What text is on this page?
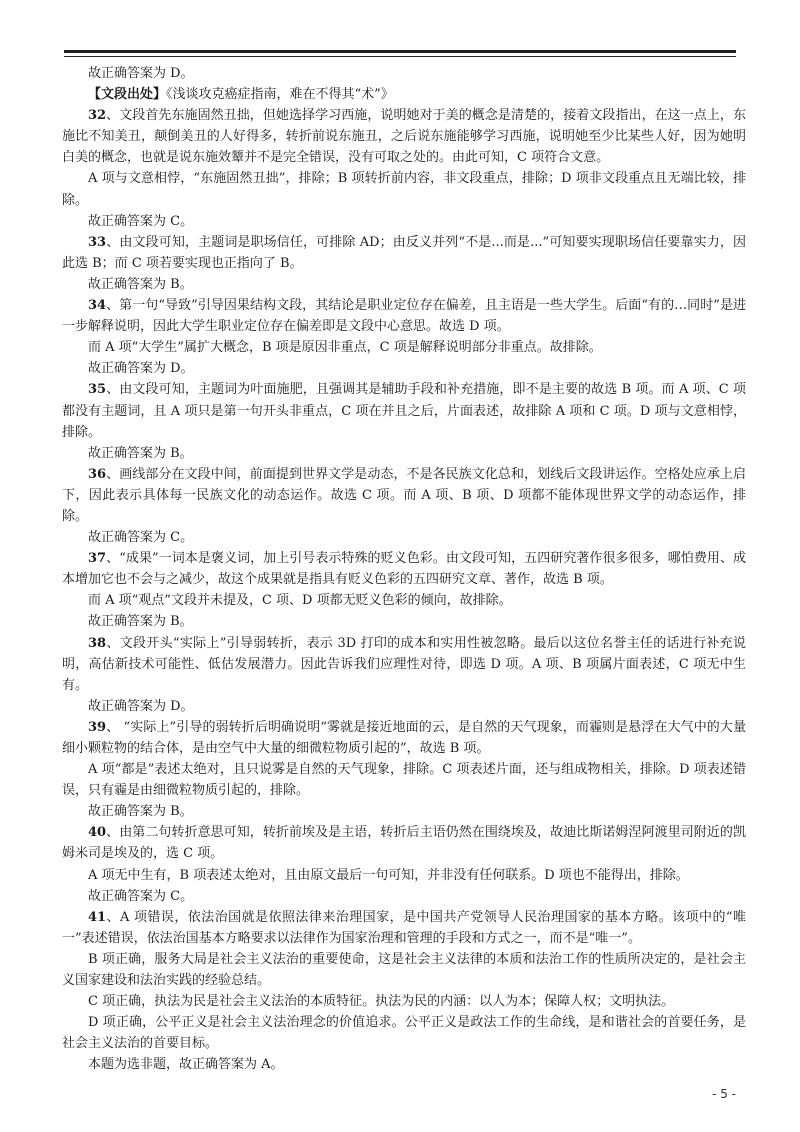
故正确答案为 D。

【文段出处】《浅谈攻克癌症指南，难在不得其“术”》

32、文段首先东施固然丑拙，但她选择学习西施，说明她对于美的概念是清楚的，接着文段指出，在这一点上，东施比不知美丑，颠倒美丑的人好得多，转折前说东施丑，之后说东施能够学习西施，说明她至少比某些人好，因为她明白美的概念，也就是说东施效颦并不是完全错误，没有可取之处的。由此可知，C 项符合文意。

A 项与文意相悖，“东施固然丑拙”，排除；B 项转折前内容，非文段重点，排除；D 项非文段重点且无端比较，排除。

故正确答案为 C。

33、由文段可知，主题词是职场信任，可排除 AD；由反义并列“不是...而是...”可知要实现职场信任要靠实力，因此选 B；而 C 项若要实现也正指向了 B。

故正确答案为 B。

34、第一句“导致”引导因果结构文段，其结论是职业定位存在偏差，且主语是一些大学生。后面“有的…同时”是进一步解释说明，因此大学生职业定位存在偏差即是文段中心意思。故选 D 项。

而 A 项“大学生”属扩大概念，B 项是原因非重点，C 项是解释说明部分非重点。故排除。

故正确答案为 D。

35、由文段可知，主题词为叶面施肥，且强调其是辅助手段和补充措施，即不是主要的故选 B 项。而 A 项、C 项都没有主题词，且 A 项只是第一句开头非重点，C 项在并且之后，片面表述，故排除 A 项和 C 项。D 项与文意相悖，排除。

故正确答案为 B。

36、画线部分在文段中间，前面提到世界文学是动态，不是各民族文化总和，划线后文段讲运作。空格处应承上启下，因此表示具体每一民族文化的动态运作。故选 C 项。而 A 项、B 项、D 项都不能体现世界文学的动态运作，排除。

故正确答案为 C。

37、“成果”一词本是褒义词，加上引号表示特殊的贬义色彩。由文段可知，五四研究著作很多很多，哪怕费用、成本增加它也不会与之减少，故这个成果就是指具有贬义色彩的五四研究文章、著作，故选 B 项。

而 A 项“观点”文段并未提及，C 项、D 项都无贬义色彩的倾向，故排除。

故正确答案为 B。

38、文段开头“实际上”引导弱转折，表示 3D 打印的成本和实用性被忽略。最后以这位名誉主任的话进行补充说明，高估新技术可能性、低估发展潜力。因此告诉我们应理性对待，即选 D 项。A 项、B 项属片面表述，C 项无中生有。

故正确答案为 D。

39、 “实际上”引导的弱转折后明确说明“雾就是接近地面的云，是自然的天气现象，而霾则是悬浮在大气中的大量细小颗粒物的结合体，是由空气中大量的细微粒物质引起的”，故选 B 项。

A 项“都是”表述太绝对，且只说雾是自然的天气现象，排除。C 项表述片面，还与组成物相关，排除。D 项表述错误，只有霾是由细微粒物质引起的，排除。

故正确答案为 B。

40、由第二句转折意思可知，转折前埃及是主语，转折后主语仍然在围绕埃及，故迪比斯诺姆涅阿渡里司附近的凯姆米司是埃及的，选 C 项。

A 项无中生有，B 项表述太绝对，且由原文最后一句可知，并非没有任何联系。D 项也不能得出，排除。

故正确答案为 C。

41、A 项错误，依法治国就是依照法律来治理国家，是中国共产党领导人民治理国家的基本方略。该项中的“唯一”表述错误，依法治国基本方略要求以法律作为国家治理和管理的手段和方式之一，而不是“唯一”。

B 项正确，服务大局是社会主义法治的重要使命，这是社会主义法律的本质和法治工作的性质所决定的，是社会主义国家建设和法治实践的经验总结。

C 项正确，执法为民是社会主义法治的本质特征。执法为民的内涵：以人为本；保障人权；文明执法。

D 项正确，公平正义是社会主义法治理念的价值追求。公平正义是政法工作的生命线，是和谐社会的首要任务，是社会主义法治的首要目标。

本题为选非题，故正确答案为 A。

- 5 -
